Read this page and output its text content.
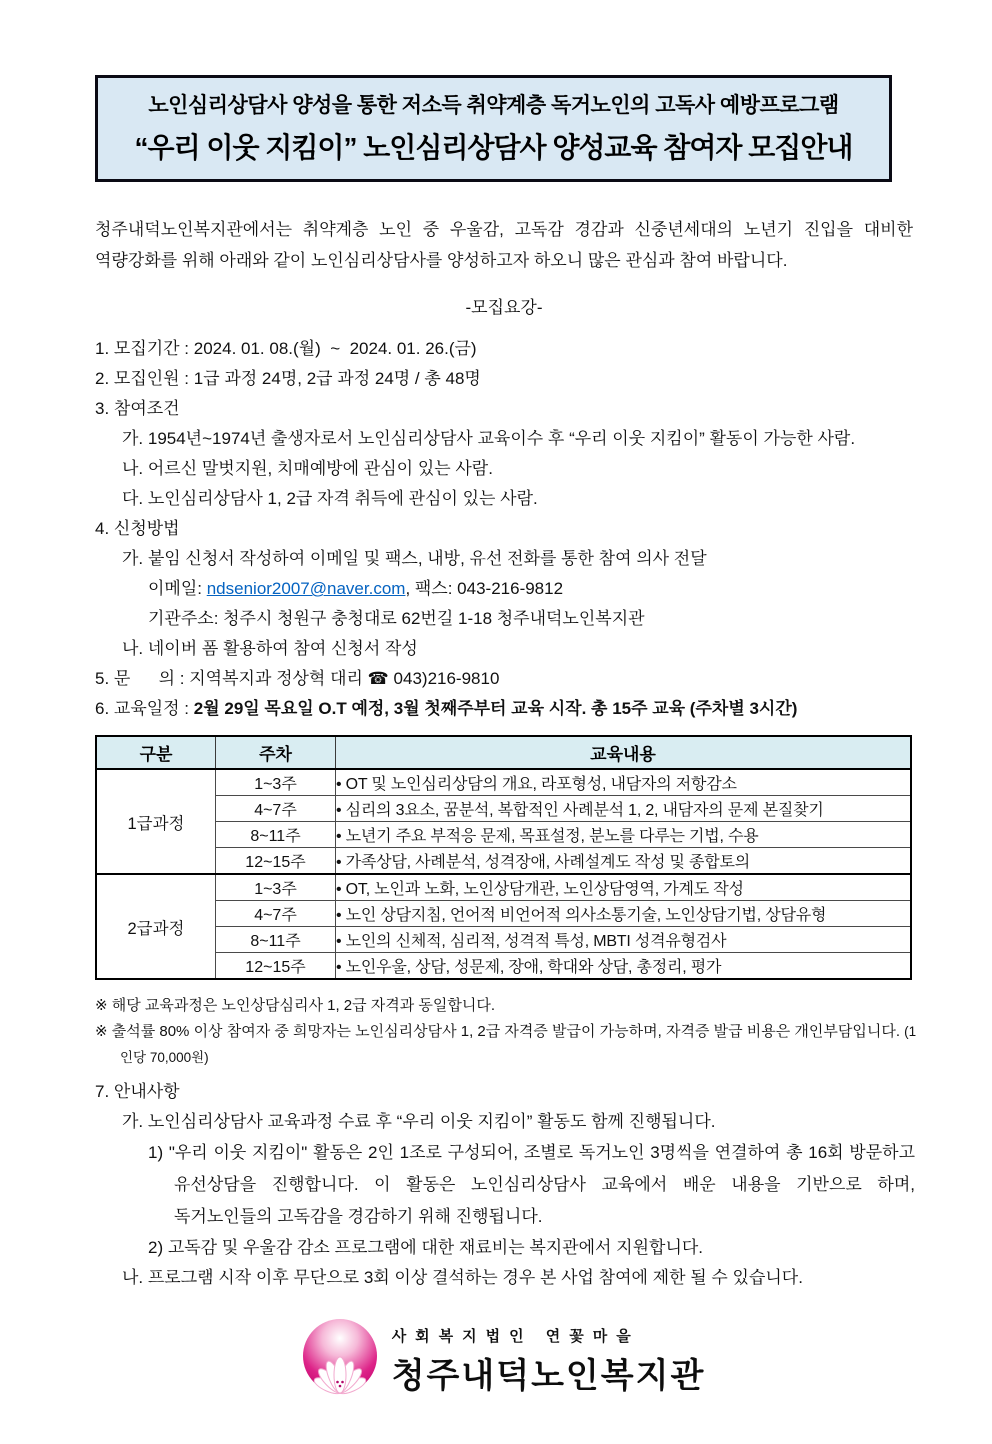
노인심리상담사 양성을 통한 저소득 취약계층 독거노인의 고독사 예방프로그램
“우리 이웃 지킴이” 노인심리상담사 양성교육 참여자 모집안내

청주내덕노인복지관에서는 취약계층 노인 중 우울감, 고독감 경감과 신중년세대의 노년기 진입을 대비한 역량강화를 위해 아래와 같이 노인심리상담사를 양성하고자 하오니 많은 관심과 참여 바랍니다.

-모집요강-
1. 모집기간 : 2024. 01. 08.(월)  ~  2024. 01. 26.(금)
2. 모집인원 : 1급 과정 24명, 2급 과정 24명 / 총 48명
3. 참여조건
가. 1954년~1974년 출생자로서 노인심리상담사 교육이수 후 “우리 이웃 지킴이” 활동이 가능한 사람.
나. 어르신 말벗지원, 치매예방에 관심이 있는 사람.
다. 노인심리상담사 1, 2급 자격 취득에 관심이 있는 사람.
4. 신청방법
가. 붙임 신청서 작성하여 이메일 및 팩스, 내방, 유선 전화를 통한 참여 의사 전달
이메일: ndsenior2007@naver.com, 팩스: 043-216-9812
기관주소: 청주시 청원구 충청대로 62번길 1-18 청주내덕노인복지관
나. 네이버 폼 활용하여 참여 신청서 작성
5. 문      의 : 지역복지과 정상혁 대리 ☎ 043)216-9810
6. 교육일정 : 2월 29일 목요일 O.T 예정, 3월 첫째주부터 교육 시작. 총 15주 교육 (주차별 3시간)
구분	주차	교육내용
1급과정	1~3주	• OT 및 노인심리상담의 개요, 라포형성, 내담자의 저항감소
	4~7주	• 심리의 3요소, 꿈분석, 복합적인 사례분석 1, 2, 내담자의 문제 본질찾기
	8~11주	• 노년기 주요 부적응 문제, 목표설정, 분노를 다루는 기법, 수용
	12~15주	• 가족상담, 사례분석, 성격장애, 사례설계도 작성 및 종합토의
2급과정	1~3주	• OT, 노인과 노화, 노인상담개관, 노인상담영역, 가계도 작성
	4~7주	• 노인 상담지침, 언어적 비언어적 의사소통기술, 노인상담기법, 상담유형
	8~11주	• 노인의 신체적, 심리적, 성격적 특성, MBTI 성격유형검사
	12~15주	• 노인우울, 상담, 성문제, 장애, 학대와 상담, 총정리, 평가
※ 해당 교육과정은 노인상담심리사 1, 2급 자격과 동일합니다.
※ 출석률 80% 이상 참여자 중 희망자는 노인심리상담사 1, 2급 자격증 발급이 가능하며, 자격증 발급 비용은 개인부담입니다. (1인당 70,000원)
7. 안내사항
가. 노인심리상담사 교육과정 수료 후 “우리 이웃 지킴이” 활동도 함께 진행됩니다.
1) "우리 이웃 지킴이" 활동은 2인 1조로 구성되어, 조별로 독거노인 3명씩을 연결하여 총 16회 방문하고 유선상담을 진행합니다. 이 활동은 노인심리상담사 교육에서 배운 내용을 기반으로 하며, 독거노인들의 고독감을 경감하기 위해 진행됩니다.
2) 고독감 및 우울감 감소 프로그램에 대한 재료비는 복지관에서 지원합니다.
나. 프로그램 시작 이후 무단으로 3회 이상 결석하는 경우 본 사업 참여에 제한 될 수 있습니다.
사회복지법인 연꽃마을
청주내덕노인복지관
